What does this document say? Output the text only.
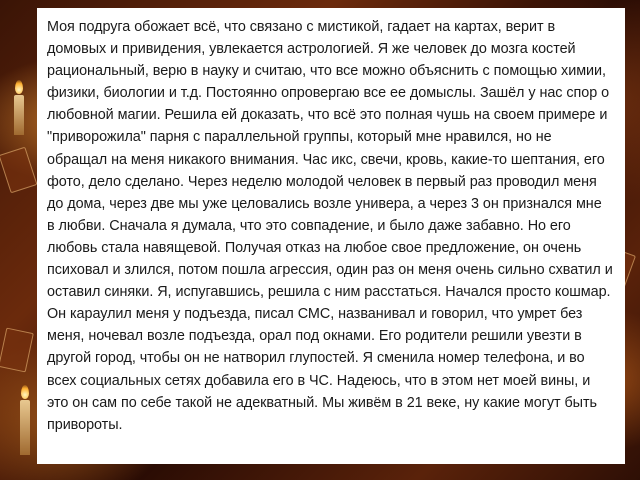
Моя подруга обожает всё, что связано с мистикой, гадает на картах, верит в домовых и привидения, увлекается астрологией. Я же человек до мозга костей рациональный, верю в науку и считаю, что все можно объяснить с помощью химии, физики, биологии и т.д. Постоянно опровергаю все ее домыслы. Зашёл у нас спор о любовной магии. Решила ей доказать, что всё это полная чушь на своем примере и "приворожила" парня с параллельной группы, который мне нравился, но не обращал на меня никакого внимания. Час икс, свечи, кровь, какие-то шептания, его фото, дело сделано. Через неделю молодой человек в первый раз проводил меня до дома, через две мы уже целовались возле универа, а через 3 он признался мне в любви. Сначала я думала, что это совпадение, и было даже забавно. Но его любовь стала навящевой. Получая отказ на любое свое предложение, он очень психовал и злился, потом пошла агрессия, один раз он меня очень сильно схватил и оставил синяки. Я, испугавшись, решила с ним расстаться. Начался просто кошмар. Он караулил меня у подъезда, писал СМС, названивал и говорил, что умрет без меня, ночевал возле подъезда, орал под окнами. Его родители решили увезти в другой город, чтобы он не натворил глупостей. Я сменила номер телефона, и во всех социальных сетях добавила его в ЧС. Надеюсь, что в этом нет моей вины, и это он сам по себе такой не адекватный. Мы живём в 21 веке, ну какие могут быть привороты.
